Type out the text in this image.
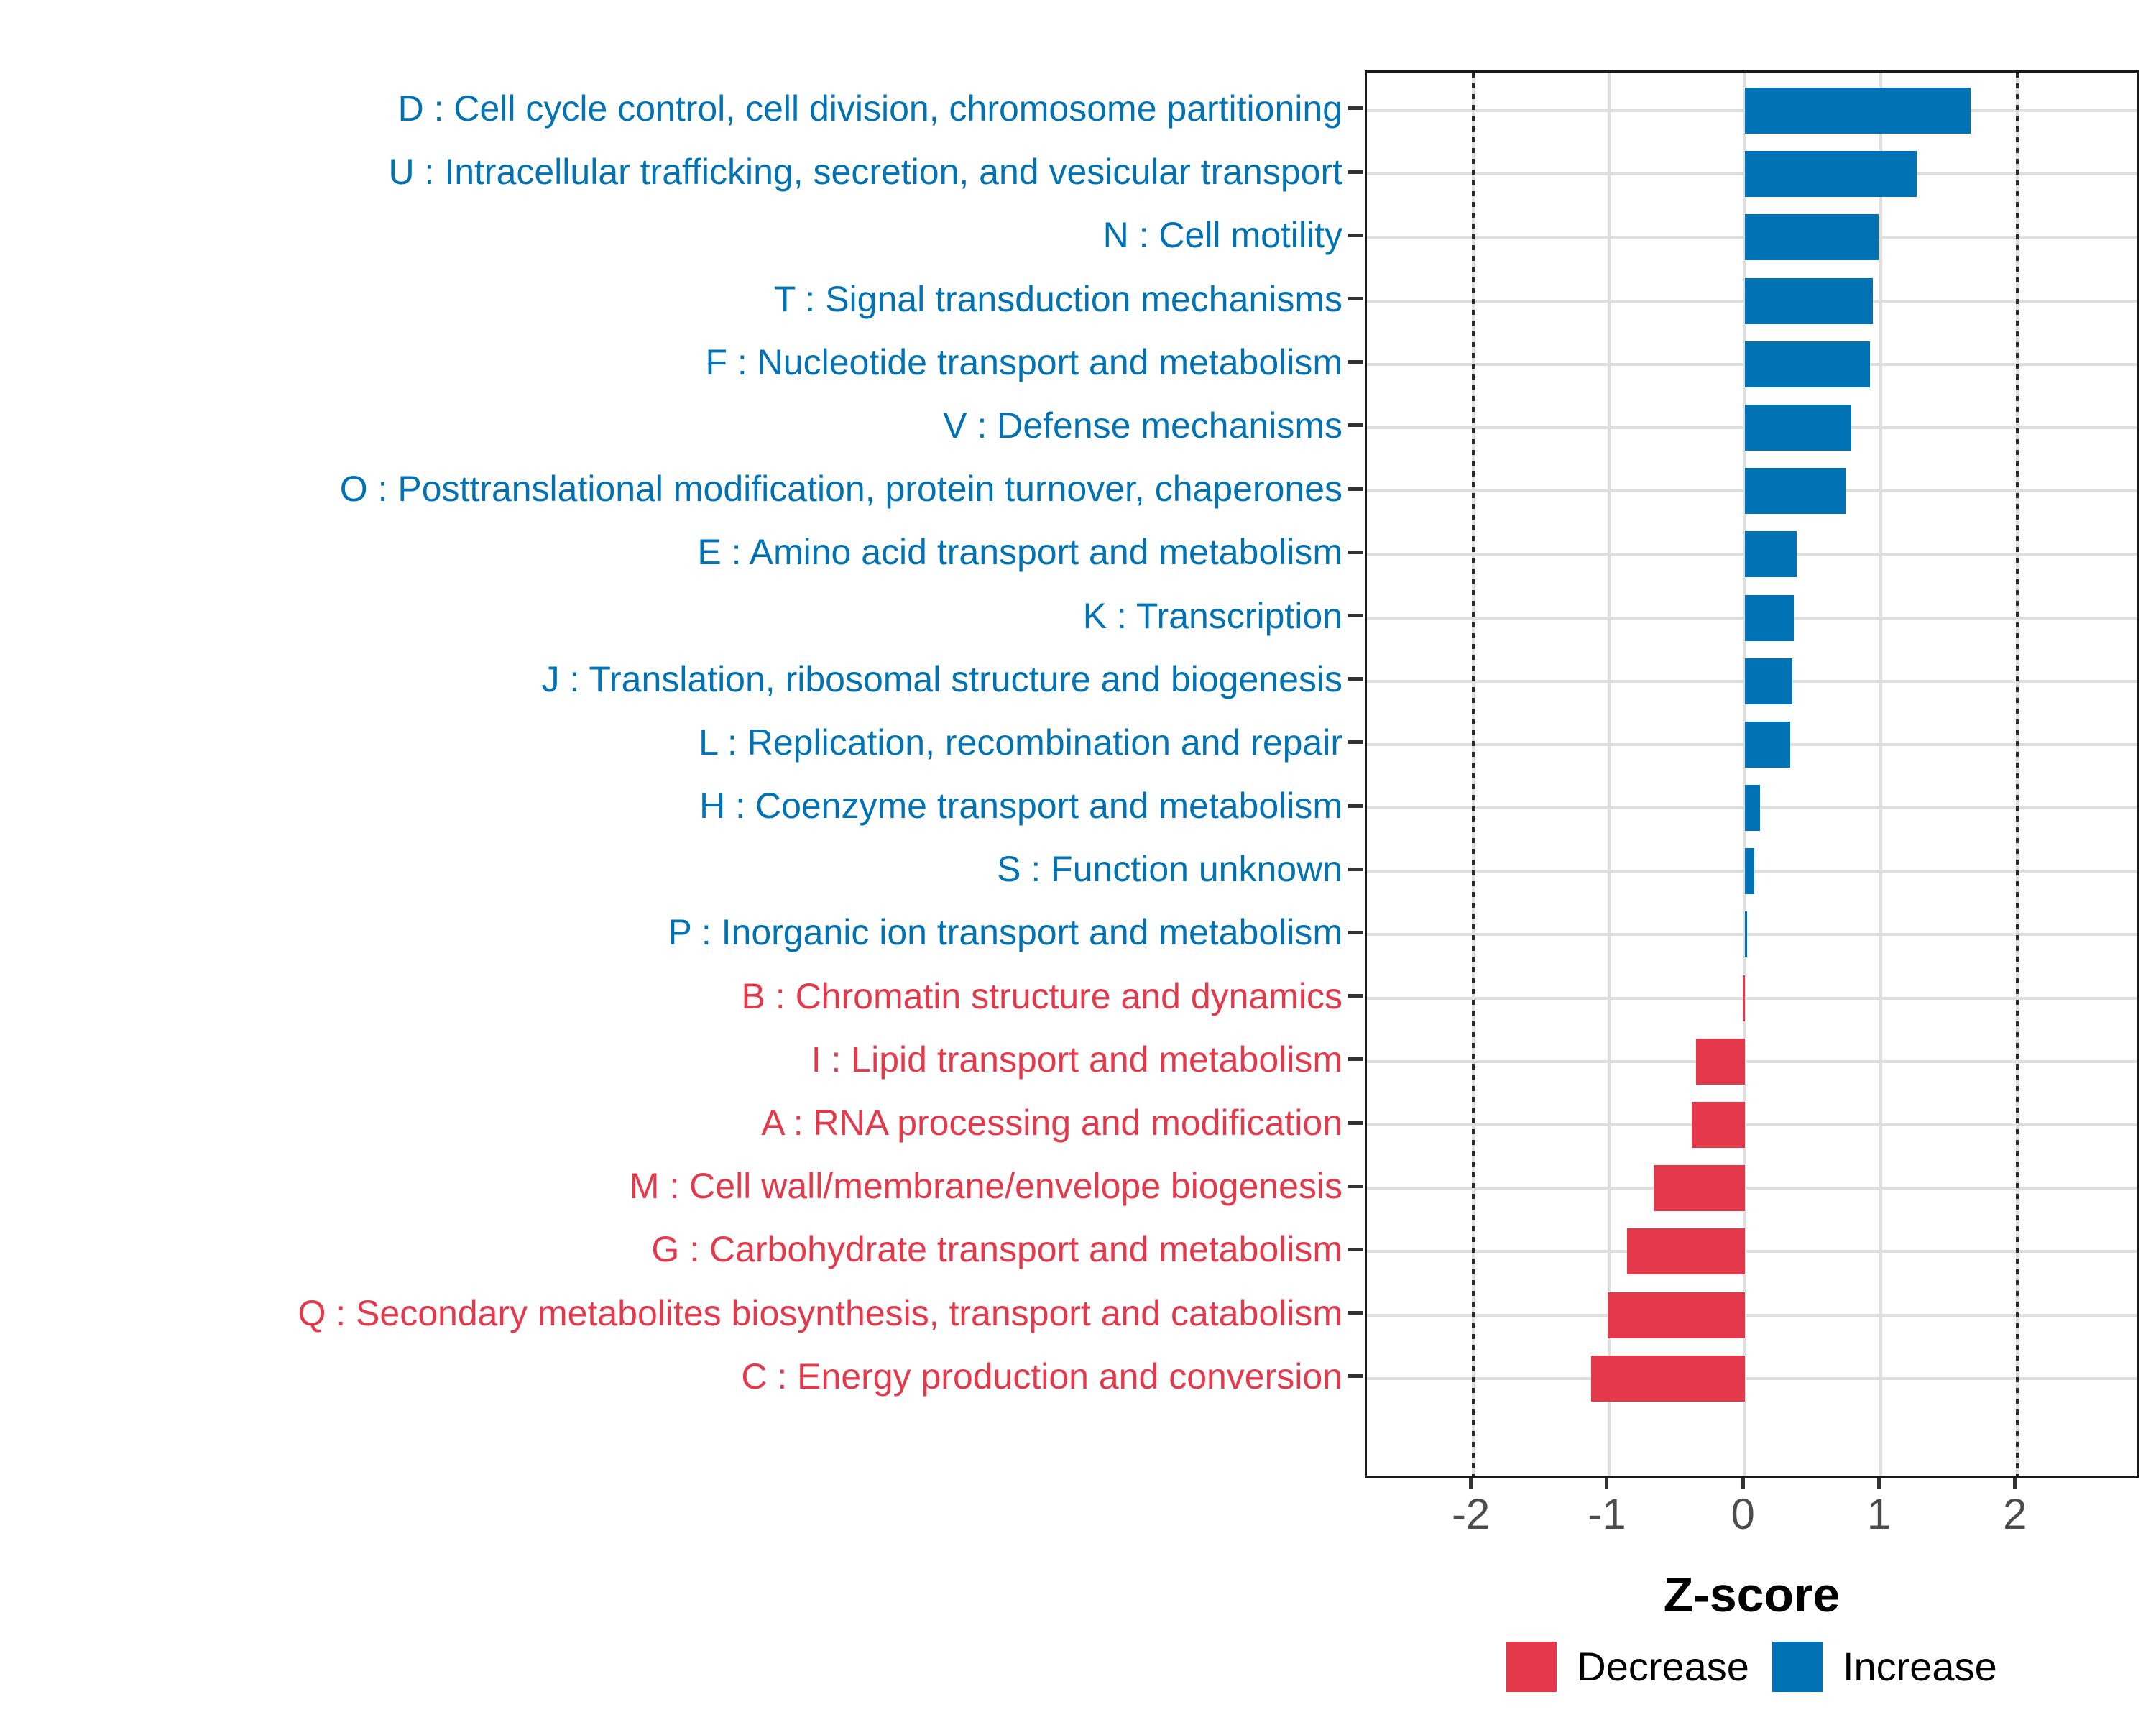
D : Cell cycle control, cell division, chromosome partitioning
U : Intracellular trafficking, secretion, and vesicular transport
N : Cell motility
T : Signal transduction mechanisms
F : Nucleotide transport and metabolism
V : Defense mechanisms
O : Posttranslational modification, protein turnover, chaperones
E : Amino acid transport and metabolism
K : Transcription
J : Translation, ribosomal structure and biogenesis
L : Replication, recombination and repair
H : Coenzyme transport and metabolism
S : Function unknown
P : Inorganic ion transport and metabolism
B : Chromatin structure and dynamics
I : Lipid transport and metabolism
A : RNA processing and modification
M : Cell wall/membrane/envelope biogenesis
G : Carbohydrate transport and metabolism
Q : Secondary metabolites biosynthesis, transport and catabolism
C : Energy production and conversion
-2 -1 0	1	2
Z-score
Decrease Increase
